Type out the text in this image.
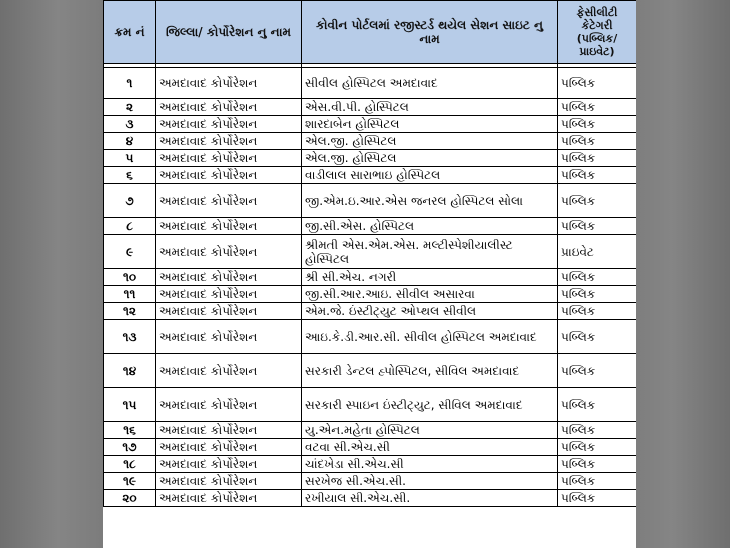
ક્રમ નં	જિલ્લા/ કોર્પોરેશન નુ નામ	કોવીન પોર્ટલમાં રજીસ્ટર્ડ થયેલ સેશન સાઇટ નુ નામ	ફેસીલીટી કેટેગરી (પબ્લિક/ પ્રાઇવેટ)

૧	અમદાવાદ કોર્પોરેશન	સીવીલ હોસ્પિટલ અમદાવાદ	પબ્લિક
૨	અમદાવાદ કોર્પોરેશન	એસ.વી.પી. હોસ્પિટલ	પબ્લિક
૩	અમદાવાદ કોર્પોરેશન	શારદાબેન હોસ્પિટલ	પબ્લિક
૪	અમદાવાદ કોર્પોરેશન	એલ.જી. હોસ્પિટલ	પબ્લિક
૫	અમદાવાદ કોર્પોરેશન	એલ.જી. હોસ્પિટલ	પબ્લિક
૬	અમદાવાદ કોર્પોરેશન	વાડીલાલ સારાભાઇ હોસ્પિટલ	પબ્લિક
૭	અમદાવાદ કોર્પોરેશન	જી.એમ.ઇ.આર.એસ જનરલ હોસ્પિટલ સોલા	પબ્લિક
૮	અમદાવાદ કોર્પોરેશન	જી.સી.એસ. હોસ્પિટલ	પબ્લિક
૯	અમદાવાદ કોર્પોરેશન	શ્રીમતી એસ.એમ.એસ. મલ્ટીસ્પેશીયાલીસ્ટ હોસ્પિટલ	પ્રાઇવેટ
૧૦	અમદાવાદ કોર્પોરેશન	શ્રી સી.એચ. નગરી	પબ્લિક
૧૧	અમદાવાદ કોર્પોરેશન	જી.સી.આર.આઇ. સીવીલ અસારવા	પબ્લિક
૧૨	અમદાવાદ કોર્પોરેશન	એમ.જે. ઇંસ્ટીટ્યુટ ઓપ્થલ સીવીલ	પબ્લિક
૧૩	અમદાવાદ કોર્પોરેશન	આઇ.કે.ડી.આર.સી. સીવીલ હોસ્પિટલ અમદાવાદ	પબ્લિક
૧૪	અમદાવાદ કોર્પોરેશન	સરકારી ડેન્ટલ હ્પોસ્પિટલ, સીવિલ અમદાવાદ	પબ્લિક
૧૫	અમદાવાદ કોર્પોરેશન	સરકારી સ્પાઇન ઇંસ્ટીટ્યુટ, સીવિલ અમદાવાદ	પબ્લિક
૧૬	અમદાવાદ કોર્પોરેશન	યુ.એન.મહેતા હોસ્પિટલ	પબ્લિક
૧૭	અમદાવાદ કોર્પોરેશન	વટવા સી.એચ.સી	પબ્લિક
૧૮	અમદાવાદ કોર્પોરેશન	ચાંદખેડા સી.એચ.સી	પબ્લિક
૧૯	અમદાવાદ કોર્પોરેશન	સરખેજ સી.એચ.સી.	પબ્લિક
૨૦	અમદાવાદ કોર્પોરેશન	રખીયાલ સી.એચ.સી.	પબ્લિક
